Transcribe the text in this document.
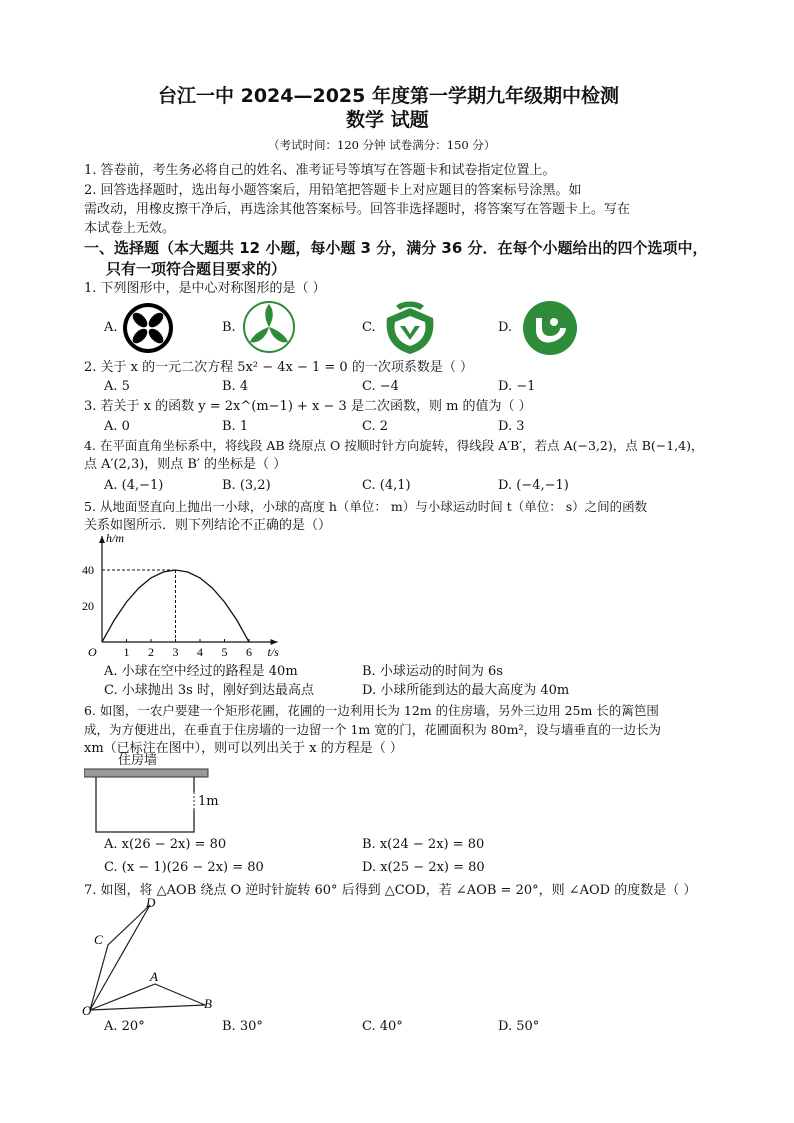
台江一中 2024—2025 年度第一学期九年级期中检测
数学 试题
（考试时间：120 分钟 试卷满分：150 分）
1. 答卷前，考生务必将自己的姓名、准考证号等填写在答题卡和试卷指定位置上。
2. 回答选择题时，选出每小题答案后，用铅笔把答题卡上对应题目的答案标号涂黑。如
需改动，用橡皮擦干净后，再选涂其他答案标号。回答非选择题时，将答案写在答题卡上。写在
本试卷上无效。
一、选择题（本大题共 12 小题，每小题 3 分，满分 36 分．在每个小题给出的四个选项中，
只有一项符合题目要求的）
1. 下列图形中，是中心对称图形的是（ ）
A.	B.	C.	D.
2. 关于 x 的一元二次方程 5x² − 4x − 1 = 0 的一次项系数是（ ）
A. 5	B. 4	C. −4	D. −1
3. 若关于 x 的函数 y = 2x^(m−1) + x − 3 是二次函数，则 m 的值为（ ）
A. 0	B. 1	C. 2	D. 3
4. 在平面直角坐标系中，将线段 AB 绕原点 O 按顺时针方向旋转，得线段 A′B′，若点 A(−3,2)，点 B(−1,4)，
点 A′(2,3)，则点 B′ 的坐标是（ ）
A. (4,−1)	B. (3,2)	C. (4,1)	D. (−4,−1)
5. 从地面竖直向上抛出一小球，小球的高度 h（单位： m）与小球运动时间 t（单位： s）之间的函数
关系如图所示．则下列结论不正确的是（）
1 2 3 4 5 6
20
40
O	t/s
h/m
A. 小球在空中经过的路程是 40m	B. 小球运动的时间为 6s
C. 小球抛出 3s 时，刚好到达最高点	D. 小球所能到达的最大高度为 40m
6. 如图，一农户要建一个矩形花圃，花圃的一边利用长为 12m 的住房墙，另外三边用 25m 长的篱笆围
成，为方便进出，在垂直于住房墙的一边留一个 1m 宽的门，花圃面积为 80m²，设与墙垂直的一边长为
xm（已标注在图中），则可以列出关于 x 的方程是（ ）
住房墙
1m
A. x(26 − 2x) = 80	B. x(24 − 2x) = 80
C. (x − 1)(26 − 2x) = 80	D. x(25 − 2x) = 80
7. 如图，将 △AOB 绕点 O 逆时针旋转 60° 后得到 △COD，若 ∠AOB = 20°，则 ∠AOD 的度数是（ ）
D
C
A
O	B
A. 20°	B. 30°	C. 40°	D. 50°
